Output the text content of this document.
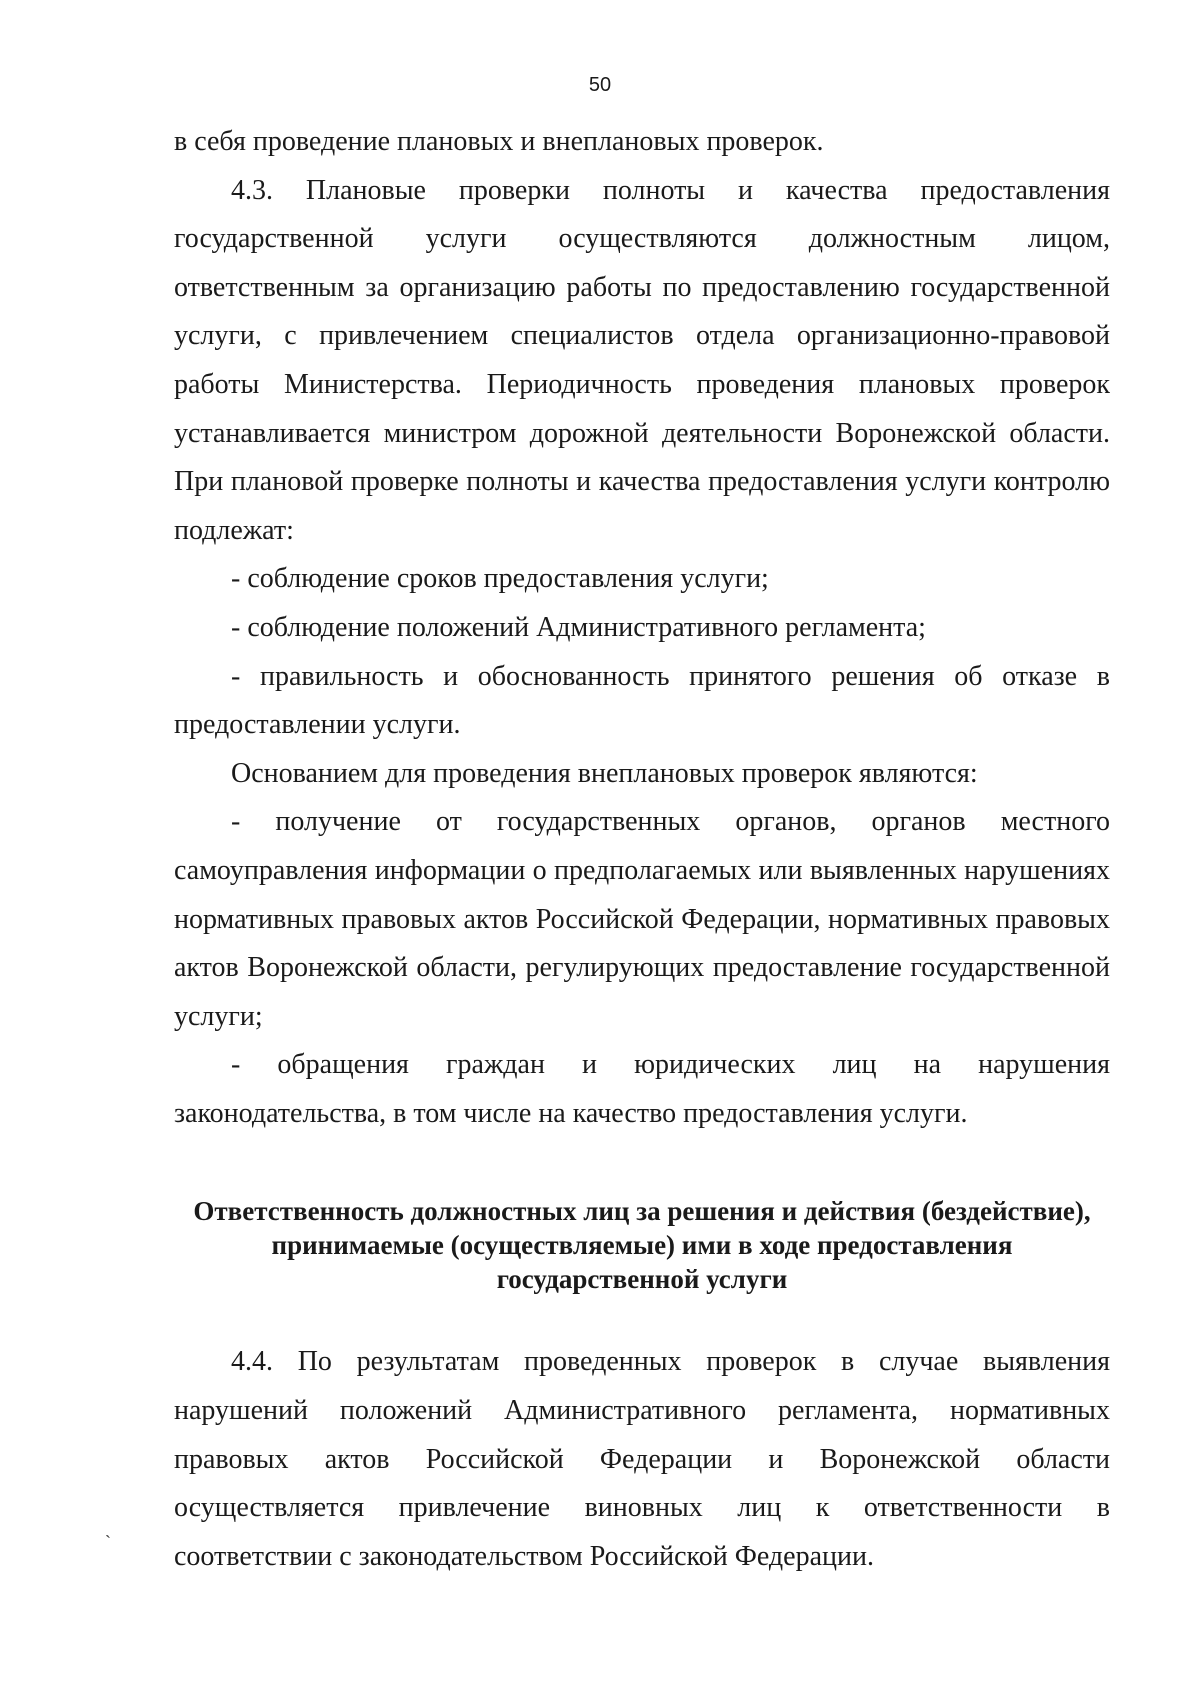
50

в себя проведение плановых и внеплановых проверок.

4.3. Плановые проверки полноты и качества предоставления государственной услуги осуществляются должностным лицом, ответственным за организацию работы по предоставлению государственной услуги, с привлечением специалистов отдела организационно-правовой работы Министерства. Периодичность проведения плановых проверок устанавливается министром дорожной деятельности Воронежской области. При плановой проверке полноты и качества предоставления услуги контролю подлежат:

- соблюдение сроков предоставления услуги;

- соблюдение положений Административного регламента;

- правильность и обоснованность принятого решения об отказе в предоставлении услуги.

Основанием для проведения внеплановых проверок являются:

- получение от государственных органов, органов местного самоуправления информации о предполагаемых или выявленных нарушениях нормативных правовых актов Российской Федерации, нормативных правовых актов Воронежской области, регулирующих предоставление государственной услуги;

- обращения граждан и юридических лиц на нарушения законодательства, в том числе на качество предоставления услуги.

Ответственность должностных лиц за решения и действия (бездействие),
принимаемые (осуществляемые) ими в ходе предоставления
государственной услуги

4.4. По результатам проведенных проверок в случае выявления нарушений положений Административного регламента, нормативных правовых актов Российской Федерации и Воронежской области осуществляется привлечение виновных лиц к ответственности в соответствии с законодательством Российской Федерации.

ˎ
